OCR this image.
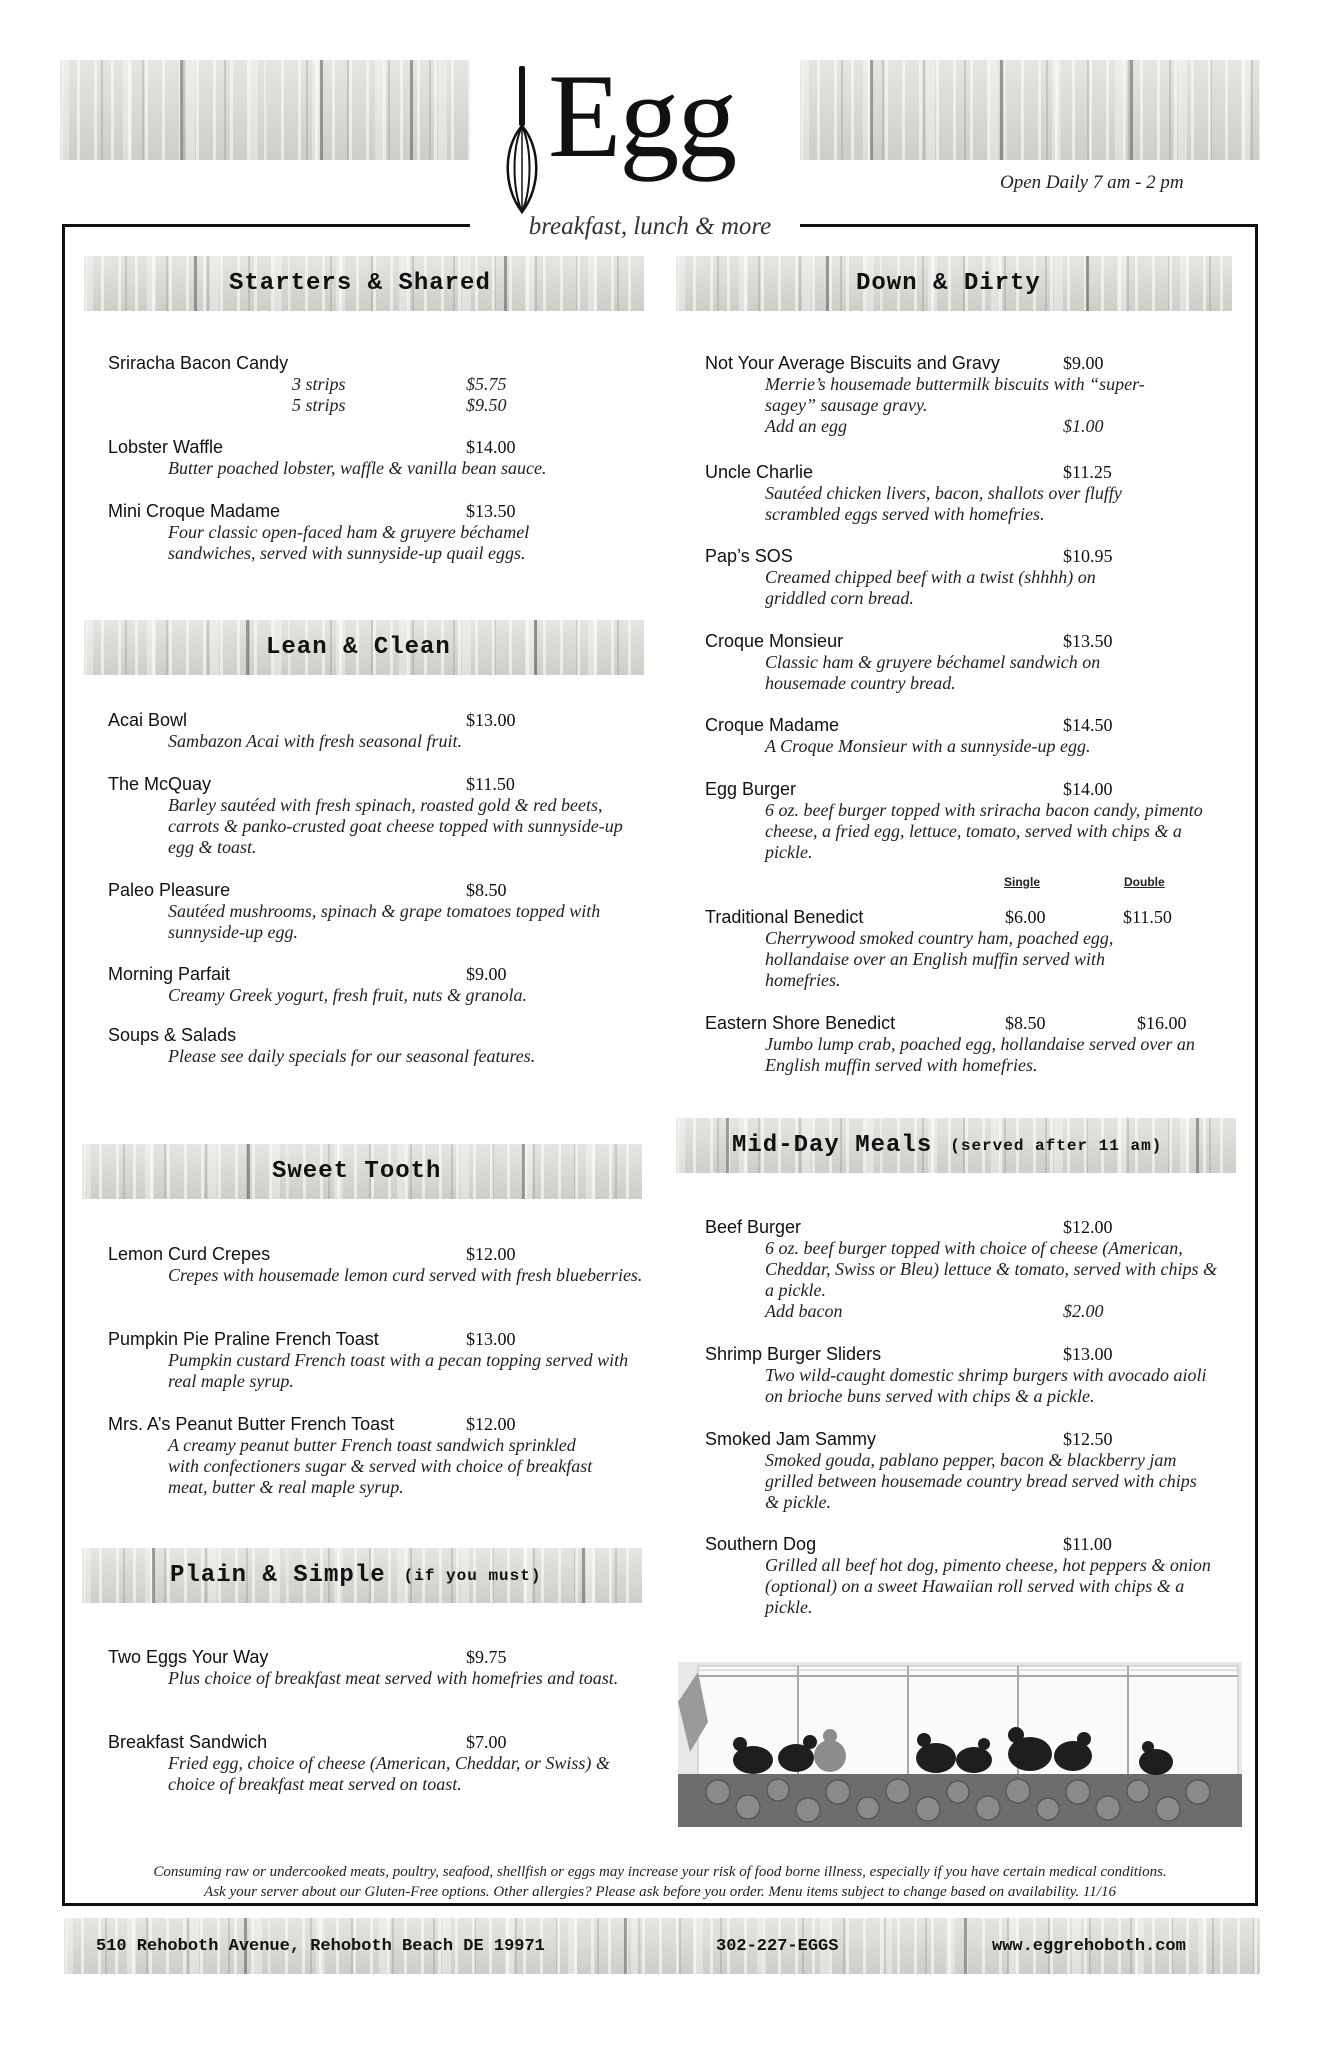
Egg
breakfast, lunch & more
Open Daily 7 am - 2 pm
Starters & Shared
Sriracha Bacon Candy
3 strips	$5.75
5 strips	$9.50
Lobster Waffle	$14.00
Butter poached lobster, waffle & vanilla bean sauce.
Mini Croque Madame	$13.50
Four classic open-faced ham & gruyere béchamel sandwiches, served with sunnyside-up quail eggs.
Lean & Clean
Acai Bowl	$13.00
Sambazon Acai with fresh seasonal fruit.
The McQuay	$11.50
Barley sautéed with fresh spinach, roasted gold & red beets, carrots & panko-crusted goat cheese topped with sunnyside-up egg & toast.
Paleo Pleasure	$8.50
Sautéed mushrooms, spinach & grape tomatoes topped with sunnyside-up egg.
Morning Parfait	$9.00
Creamy Greek yogurt, fresh fruit, nuts & granola.
Soups & Salads
Please see daily specials for our seasonal features.
Sweet Tooth
Lemon Curd Crepes	$12.00
Crepes with housemade lemon curd served with fresh blueberries.
Pumpkin Pie Praline French Toast	$13.00
Pumpkin custard French toast with a pecan topping served with real maple syrup.
Mrs. A’s Peanut Butter French Toast	$12.00
A creamy peanut butter French toast sandwich sprinkled with confectioners sugar & served with choice of breakfast meat, butter & real maple syrup.
Plain & Simple (if you must)
Two Eggs Your Way	$9.75
Plus choice of breakfast meat served with homefries and toast.
Breakfast Sandwich	$7.00
Fried egg, choice of cheese (American, Cheddar, or Swiss) & choice of breakfast meat served on toast.
Down & Dirty
Not Your Average Biscuits and Gravy	$9.00
Merrie’s housemade buttermilk biscuits with “super-sagey” sausage gravy.
Add an egg	$1.00
Uncle Charlie	$11.25
Sautéed chicken livers, bacon, shallots over fluffy scrambled eggs served with homefries.
Pap’s SOS	$10.95
Creamed chipped beef with a twist (shhhh) on griddled corn bread.
Croque Monsieur	$13.50
Classic ham & gruyere béchamel sandwich on housemade country bread.
Croque Madame	$14.50
A Croque Monsieur with a sunnyside-up egg.
Egg Burger	$14.00
6 oz. beef burger topped with sriracha bacon candy, pimento cheese, a fried egg, lettuce, tomato, served with chips & a pickle.
Single	Double
Traditional Benedict	$6.00	$11.50
Cherrywood smoked country ham, poached egg, hollandaise over an English muffin served with homefries.
Eastern Shore Benedict	$8.50	$16.00
Jumbo lump crab, poached egg, hollandaise served over an English muffin served with homefries.
Mid-Day Meals (served after 11 am)
Beef Burger	$12.00
6 oz. beef burger topped with choice of cheese (American, Cheddar, Swiss or Bleu) lettuce & tomato, served with chips & a pickle.
Add bacon	$2.00
Shrimp Burger Sliders	$13.00
Two wild-caught domestic shrimp burgers with avocado aioli on brioche buns served with chips & a pickle.
Smoked Jam Sammy	$12.50
Smoked gouda, pablano pepper, bacon & blackberry jam grilled between housemade country bread served with chips & pickle.
Southern Dog	$11.00
Grilled all beef hot dog, pimento cheese, hot peppers & onion (optional) on a sweet Hawaiian roll served with chips & a pickle.
Consuming raw or undercooked meats, poultry, seafood, shellfish or eggs may increase your risk of food borne illness, especially if you have certain medical conditions.
Ask your server about our Gluten-Free options. Other allergies? Please ask before you order. Menu items subject to change based on availability. 11/16
510 Rehoboth Avenue, Rehoboth Beach DE 19971	302-227-EGGS	www.eggrehoboth.com
